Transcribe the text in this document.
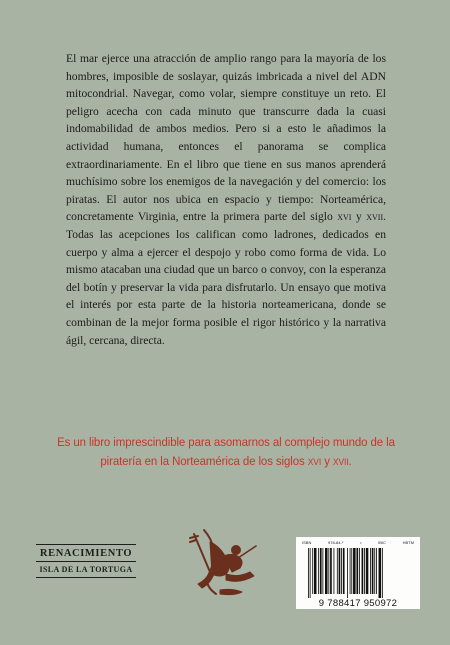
El mar ejerce una atracción de amplio rango para la mayoría de los hombres, imposible de soslayar, quizás imbricada a nivel del ADN mitocondrial. Navegar, como volar, siempre constituye un reto. El peligro acecha con cada minuto que transcurre dada la cuasi indomabilidad de ambos medios. Pero si a esto le añadimos la actividad humana, entonces el panorama se complica extraordinariamente. En el libro que tiene en sus manos aprenderá muchísimo sobre los enemigos de la navegación y del comercio: los piratas. El autor nos ubica en espacio y tiempo: Norteamérica, concretamente Virginia, entre la primera parte del siglo xvi y xvii. Todas las acepciones los califican como ladrones, dedicados en cuerpo y alma a ejercer el despojo y robo como forma de vida. Lo mismo atacaban una ciudad que un barco o convoy, con la esperanza del botín y preservar la vida para disfrutarlo. Un ensayo que motiva el interés por esta parte de la historia norteamericana, donde se combinan de la mejor forma posible el rigor histórico y la narrativa ágil, cercana, directa.

Es un libro imprescindible para asomarnos al complejo mundo de la piratería en la Norteamérica de los siglos xvi y xvii.
RENACIMIENTO
ISLA DE LA TORTUGA
ISBN	978-84-*	•	IBIC	HBTM
9 788417 950972
